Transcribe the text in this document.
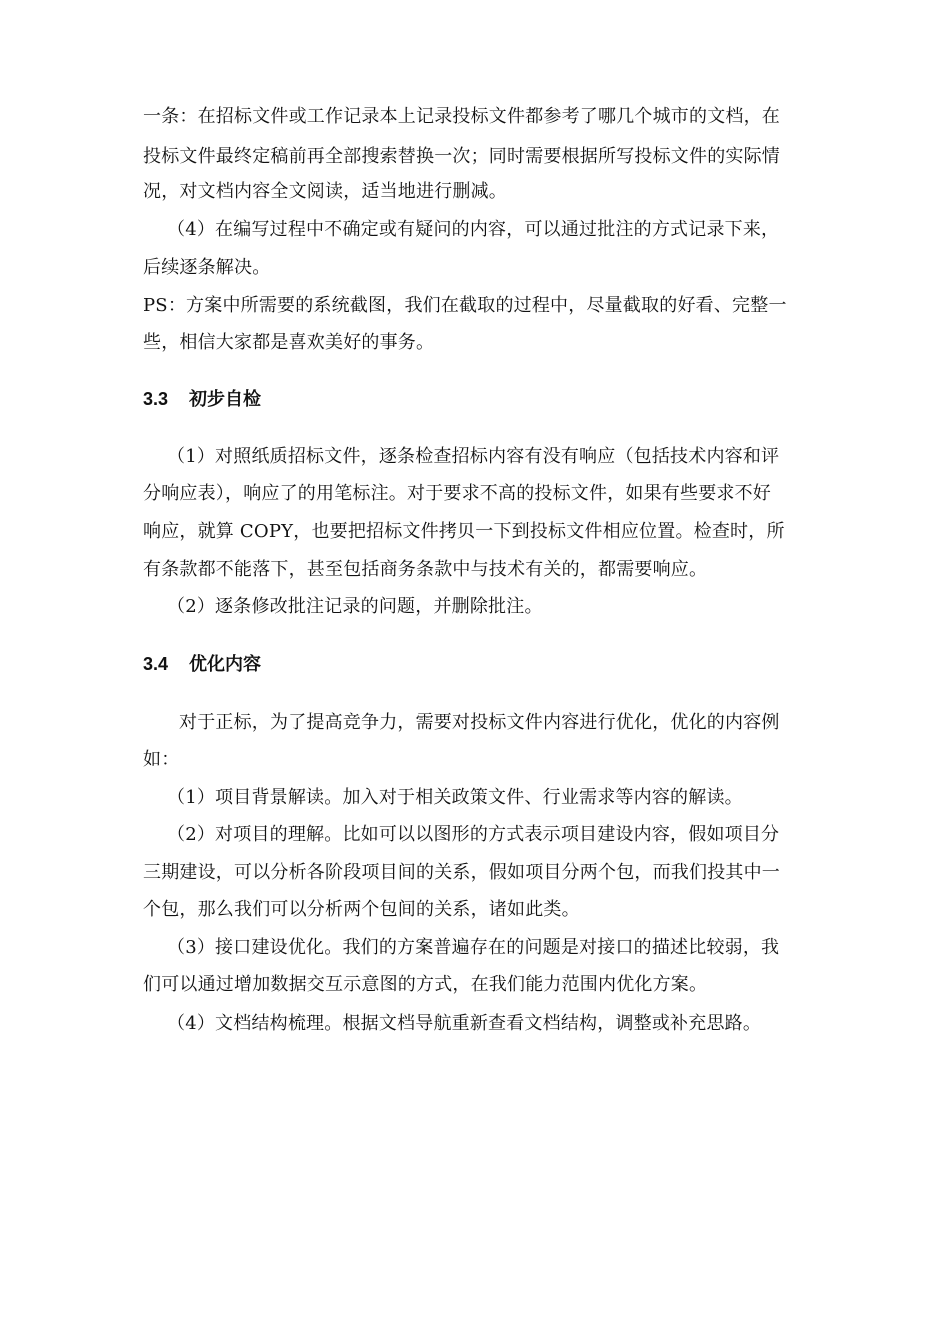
一条：在招标文件或工作记录本上记录投标文件都参考了哪几个城市的文档，在
投标文件最终定稿前再全部搜索替换一次；同时需要根据所写投标文件的实际情
况，对文档内容全文阅读，适当地进行删减。
（4）在编写过程中不确定或有疑问的内容，可以通过批注的方式记录下来，
后续逐条解决。
PS：方案中所需要的系统截图，我们在截取的过程中，尽量截取的好看、完整一
些，相信大家都是喜欢美好的事务。
3.3 初步自检
（1）对照纸质招标文件，逐条检查招标内容有没有响应（包括技术内容和评
分响应表），响应了的用笔标注。对于要求不高的投标文件，如果有些要求不好
响应，就算 COPY，也要把招标文件拷贝一下到投标文件相应位置。检查时，所
有条款都不能落下，甚至包括商务条款中与技术有关的，都需要响应。
（2）逐条修改批注记录的问题，并删除批注。
3.4 优化内容
对于正标，为了提高竞争力，需要对投标文件内容进行优化，优化的内容例
如：
（1）项目背景解读。加入对于相关政策文件、行业需求等内容的解读。
（2）对项目的理解。比如可以以图形的方式表示项目建设内容，假如项目分
三期建设，可以分析各阶段项目间的关系，假如项目分两个包，而我们投其中一
个包，那么我们可以分析两个包间的关系，诸如此类。
（3）接口建设优化。我们的方案普遍存在的问题是对接口的描述比较弱，我
们可以通过增加数据交互示意图的方式，在我们能力范围内优化方案。
（4）文档结构梳理。根据文档导航重新查看文档结构，调整或补充思路。
